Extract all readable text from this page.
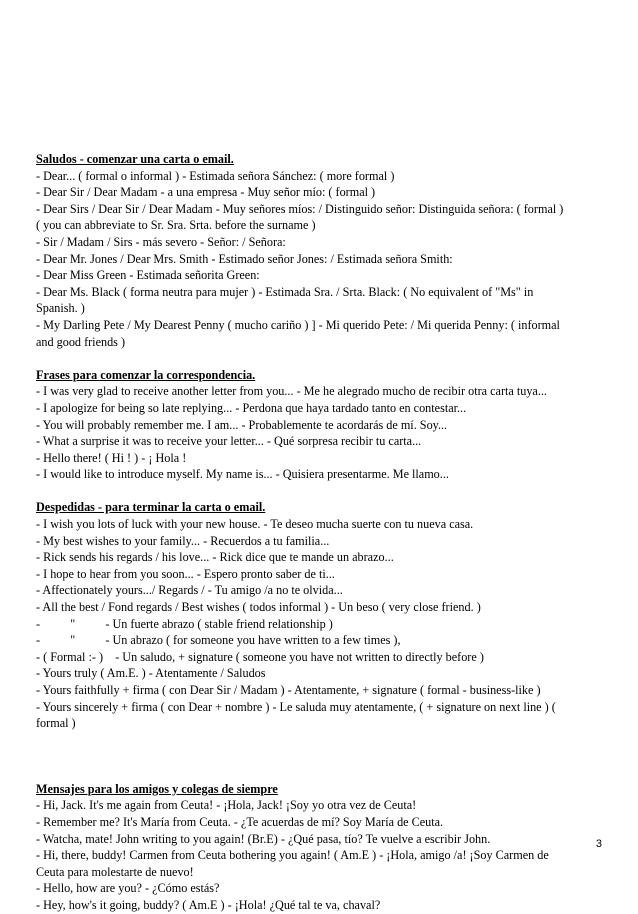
Saludos - comenzar una carta o email.
- Dear... ( formal o informal ) - Estimada señora Sánchez: ( more formal )
- Dear Sir / Dear Madam - a una empresa - Muy señor mío: ( formal )
- Dear Sirs / Dear Sir / Dear Madam - Muy señores míos: / Distinguido señor: Distinguida señora: ( formal )
( you can abbreviate to Sr. Sra. Srta. before the surname )
- Sir / Madam / Sirs - más severo - Señor: / Señora:
- Dear Mr. Jones / Dear Mrs. Smith - Estimado señor Jones: / Estimada señora Smith:
- Dear Miss Green - Estimada señorita Green:
- Dear Ms. Black ( forma neutra para mujer ) - Estimada Sra. / Srta. Black: ( No equivalent of "Ms" in
Spanish. )
- My Darling Pete / My Dearest Penny ( mucho cariño ) ] - Mi querido Pete: / Mi querida Penny: ( informal
and good friends )
Frases para comenzar la correspondencia.
- I was very glad to receive another letter from you... - Me he alegrado mucho de recibir otra carta tuya...
- I apologize for being so late replying... - Perdona que haya tardado tanto en contestar...
- You will probably remember me. I am... - Probablemente te acordarás de mí. Soy...
- What a surprise it was to receive your letter... - Qué sorpresa recibir tu carta...
- Hello there! ( Hi ! ) - ¡ Hola !
- I would like to introduce myself. My name is... - Quisiera presentarme. Me llamo...
Despedidas - para terminar la carta o email.
- I wish you lots of luck with your new house. - Te deseo mucha suerte con tu nueva casa.
- My best wishes to your family... - Recuerdos a tu familia...
- Rick sends his regards / his love... - Rick dice que te mande un abrazo...
- I hope to hear from you soon... - Espero pronto saber de ti...
- Affectionately yours.../ Regards / - Tu amigo /a no te olvida...
- All the best / Fond regards / Best wishes ( todos informal ) - Un beso ( very close friend. )
-          ''          - Un fuerte abrazo ( stable friend relationship )
-          ''          - Un abrazo ( for someone you have written to a few times ),
- ( Formal :- )    - Un saludo, + signature ( someone you have not written to directly before )
- Yours truly ( Am.E. ) - Atentamente / Saludos
- Yours faithfully + firma ( con Dear Sir / Madam ) - Atentamente, + signature ( formal - business-like )
- Yours sincerely + firma ( con Dear + nombre ) - Le saluda muy atentamente, ( + signature on next line ) (
formal )
Mensajes para los amigos y colegas de siempre
- Hi, Jack. It's me again from Ceuta! - ¡Hola, Jack! ¡Soy yo otra vez de Ceuta!
- Remember me? It's María from Ceuta. - ¿Te acuerdas de mí? Soy María de Ceuta.
- Watcha, mate! John writing to you again! (Br.E) - ¿Qué pasa, tío? Te vuelve a escribir John.
- Hi, there, buddy! Carmen from Ceuta bothering you again! ( Am.E ) - ¡Hola, amigo /a! ¡Soy Carmen de
Ceuta para molestarte de nuevo!
- Hello, how are you? - ¿Cómo estás?
- Hey, how's it going, buddy? ( Am.E ) - ¡Hola! ¿Qué tal te va, chaval?
3
